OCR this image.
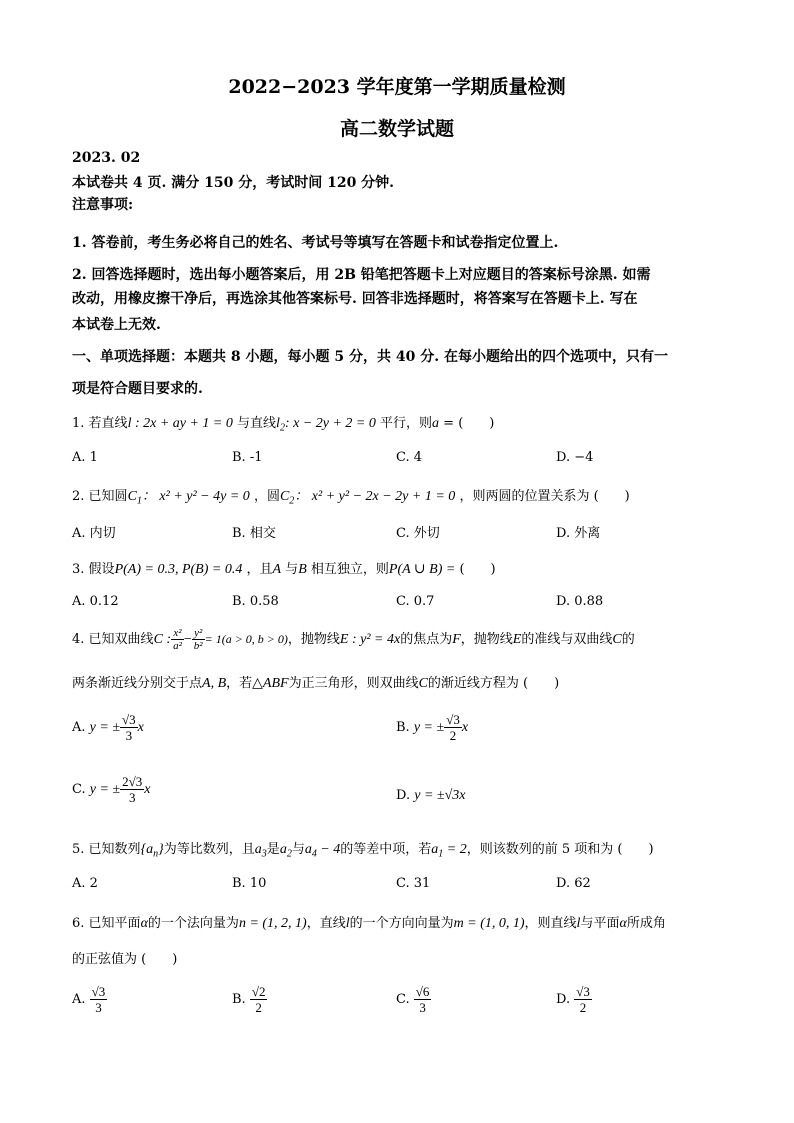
2022−2023 学年度第一学期质量检测
高二数学试题
2023. 02
本试卷共 4 页. 满分 150 分，考试时间 120 分钟.
注意事项:
1. 答卷前，考生务必将自己的姓名、考试号等填写在答题卡和试卷指定位置上.
2. 回答选择题时，选出每小题答案后，用 2B 铅笔把答题卡上对应题目的答案标号涂黑. 如需
改动，用橡皮擦干净后，再选涂其他答案标号. 回答非选择题时，将答案写在答题卡上. 写在
本试卷上无效.
一、单项选择题：本题共 8 小题，每小题 5 分，共 40 分. 在每小题给出的四个选项中，只有一
项是符合题目要求的.
1. 若直线l : 2x + ay + 1 = 0 与直线$l_2$: x − 2y + 2 = 0 平行，则a = (　　)
A. 1	B. -1	C. 4	D. −4
2. 已知圆$C_1$： x² + y² − 4y = 0 ，圆$C_2$： x² + y² − 2x − 2y + 1 = 0 ，则两圆的位置关系为 (　　)
A. 内切	B. 相交	C. 外切	D. 外离
3. 假设P(A) = 0.3, P(B) = 0.4 ，且A 与B 相互独立，则P(A ∪ B) = (　　)
A. 0.12	B. 0.58	C. 0.7	D. 0.88
4. 已知双曲线C : $\frac{\text{x²}}{\text{a²}} - \frac{\text{y²}}{\text{b²}} = 1(a > 0$, b > 0)，抛物线E : y² = 4x的焦点为F，抛物线E的准线与双曲线C的
两条渐近线分别交于点A, B，若△ABF为正三角形，则双曲线C的渐近线方程为 (　　)
A. y = ± $\frac{√3}{3}$ x	B. y = ± $\frac{√3}{2}$ x
C. y = ± $\frac{2√3}{3}$ x	D. y = ±√3x
5. 已知数列$\{a_n\}$为等比数列，且$a_3$是$a_2$与$a_4 - 4$的等差中项，若$a_1 = 2$，则该数列的前 5 项和为 (　　)
A. 2	B. 10	C. 31	D. 62
6. 已知平面α的一个法向量为n = (1, 2, 1)，直线l的一个方向向量为m = (1, 0, 1)，则直线l与平面α所成角
的正弦值为 (　　)
A. $\frac{√3}{3}$	B. $\frac{√2}{2}$	C. $\frac{√6}{3}$	D. $\frac{√3}{2}$
